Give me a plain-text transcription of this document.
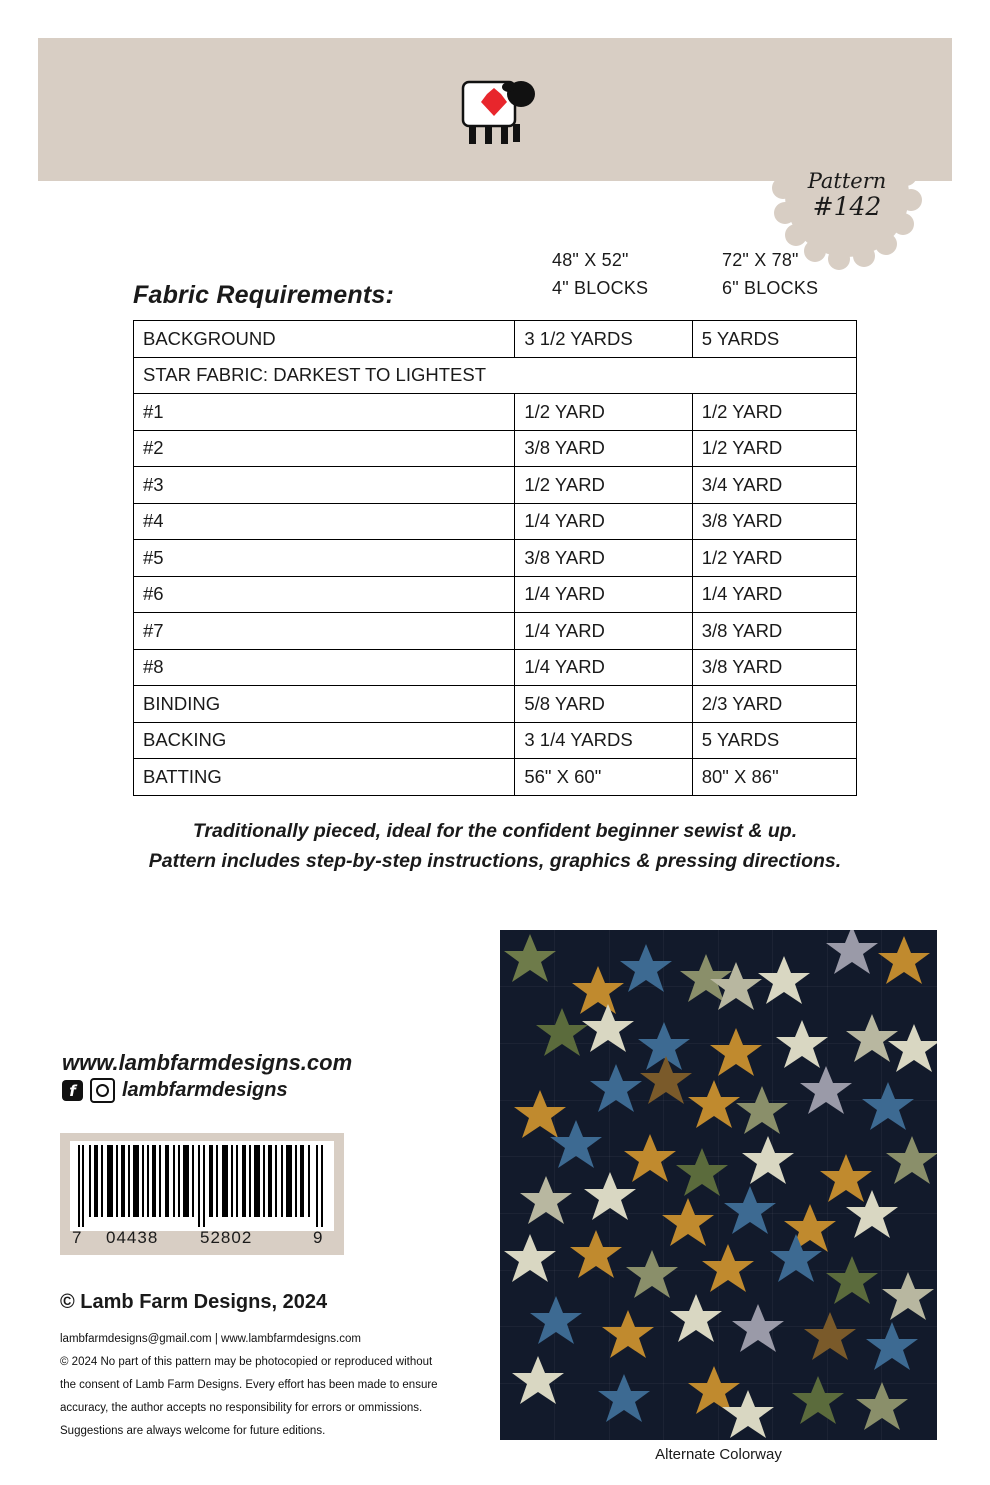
Pattern
#142
48" X 52"
4" BLOCKS
72" X 78"
6" BLOCKS
Fabric Requirements:
BACKGROUND	3 1/2 YARDS	5 YARDS
STAR FABRIC: DARKEST TO LIGHTEST		
#1	1/2 YARD	1/2 YARD
#2	3/8 YARD	1/2 YARD
#3	1/2 YARD	3/4 YARD
#4	1/4 YARD	3/8 YARD
#5	3/8 YARD	1/2 YARD
#6	1/4 YARD	1/4 YARD
#7	1/4 YARD	3/8 YARD
#8	1/4 YARD	3/8 YARD
BINDING	5/8 YARD	2/3 YARD
BACKING	3 1/4 YARDS	5 YARDS
BATTING	56" X 60"	80" X 86"
Traditionally pieced, ideal for the confident beginner sewist & up.
Pattern includes step-by-step instructions, graphics & pressing directions.
www.lambfarmdesigns.com
f	lambfarmdesigns
7 04438 52802	9
© Lamb Farm Designs, 2024
lambfarmdesigns@gmail.com | www.lambfarmdesigns.com
© 2024 No part of this pattern may be photocopied or reproduced without
the consent of Lamb Farm Designs. Every effort has been made to ensure
accuracy, the author accepts no responsibility for errors or ommissions.
Suggestions are always welcome for future editions.
Alternate Colorway
